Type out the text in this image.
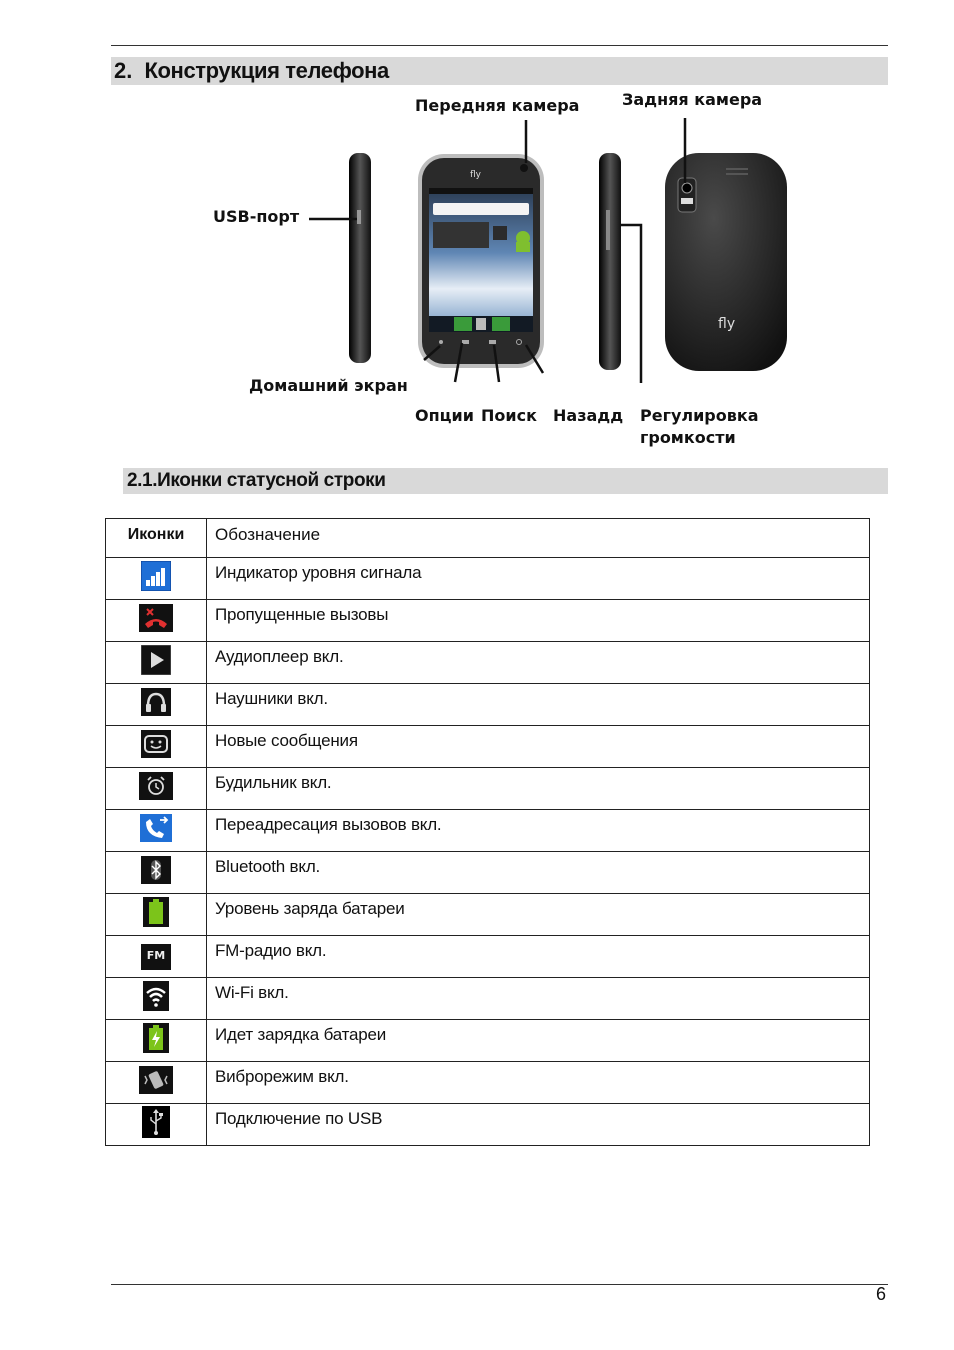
2. Конструкция телефона
fly
fly
Передняя камера	Задняя камера
USB-порт
Домашний экран
Опции Поиск Назадд Регулировка
громкости
2.1.Иконки статусной строки
Иконки	Обозначение
	Индикатор уровня сигнала
	Пропущенные вызовы
	Аудиоплеер вкл.
	Наушники вкл.
	Новые сообщения
	Будильник вкл.
	Переадресация вызовов вкл.
	Bluetooth вкл.
	Уровень заряда батареи

FM	FM-радио вкл.
	Wi-Fi вкл.
	Идет зарядка батареи
	Виброрежим вкл.
	Подключение по USB
6
